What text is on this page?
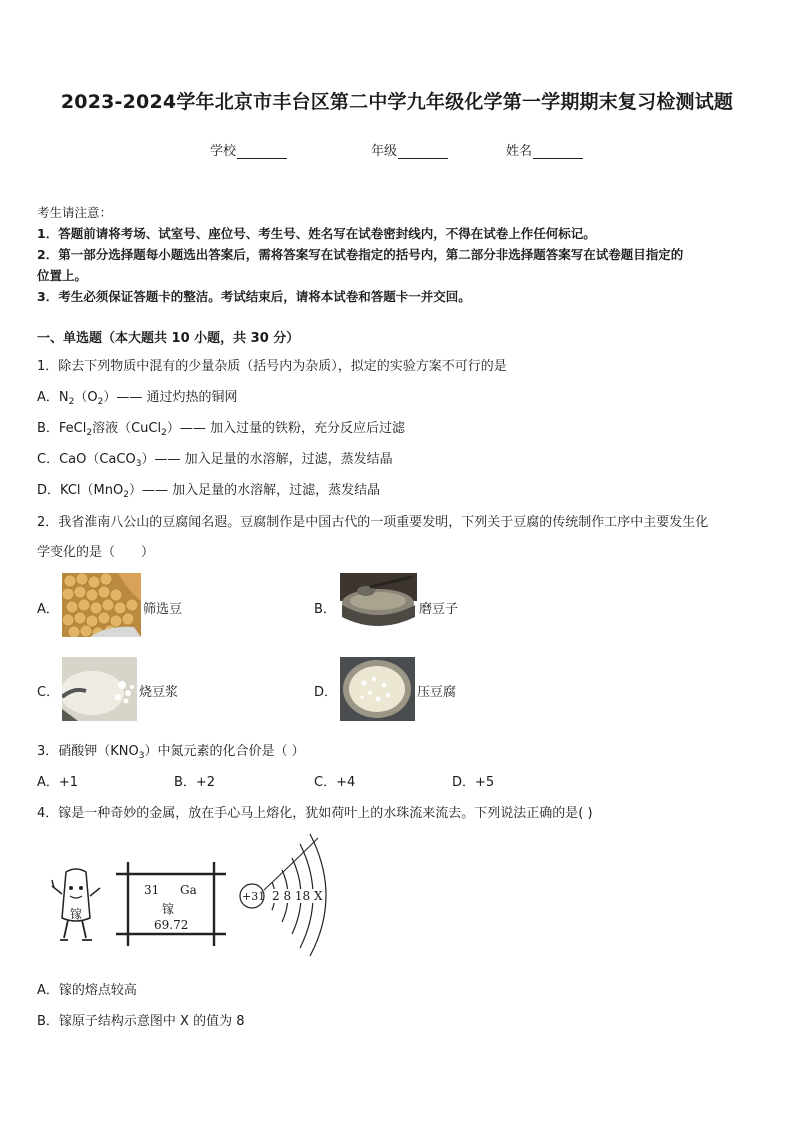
2023-2024学年北京市丰台区第二中学九年级化学第一学期期末复习检测试题
学校	年级	姓名
考生请注意：
1．答题前请将考场、试室号、座位号、考生号、姓名写在试卷密封线内，不得在试卷上作任何标记。
2．第一部分选择题每小题选出答案后，需将答案写在试卷指定的括号内，第二部分非选择题答案写在试卷题目指定的
位置上。
3．考生必须保证答题卡的整洁。考试结束后，请将本试卷和答题卡一并交回。
一、单选题（本大题共 10 小题，共 30 分）
1．除去下列物质中混有的少量杂质（括号内为杂质），拟定的实验方案不可行的是
A．$N_2(O_2)——$ 通过灼热的铜网
B．FeCl$_2$溶液（CuCl$_2$）—— 加入过量的铁粉，充分反应后过滤
C．CaO（CaCO$_3$）—— 加入足量的水溶解，过滤，蒸发结晶
D．KCl（MnO$_2$）—— 加入足量的水溶解，过滤，蒸发结晶
2．我省淮南八公山的豆腐闻名遐。豆腐制作是中国古代的一项重要发明，下列关于豆腐的传统制作工序中主要发生化
学变化的是（　　）
A．	筛选豆	B．	磨豆子
C．	烧豆浆	D．	压豆腐
3．硝酸钾$(KNO_3)$中氮元素的化合价是（ ）
A．+1	B．+2	C．+4	D．+5
4．镓是一种奇妙的金属，放在手心马上熔化，犹如荷叶上的水珠流来流去。下列说法正确的是( )
镓
31 Ga
镓
69.72
+31 2 8 18 X
A．镓的熔点较高
B．镓原子结构示意图中 X 的值为 8
